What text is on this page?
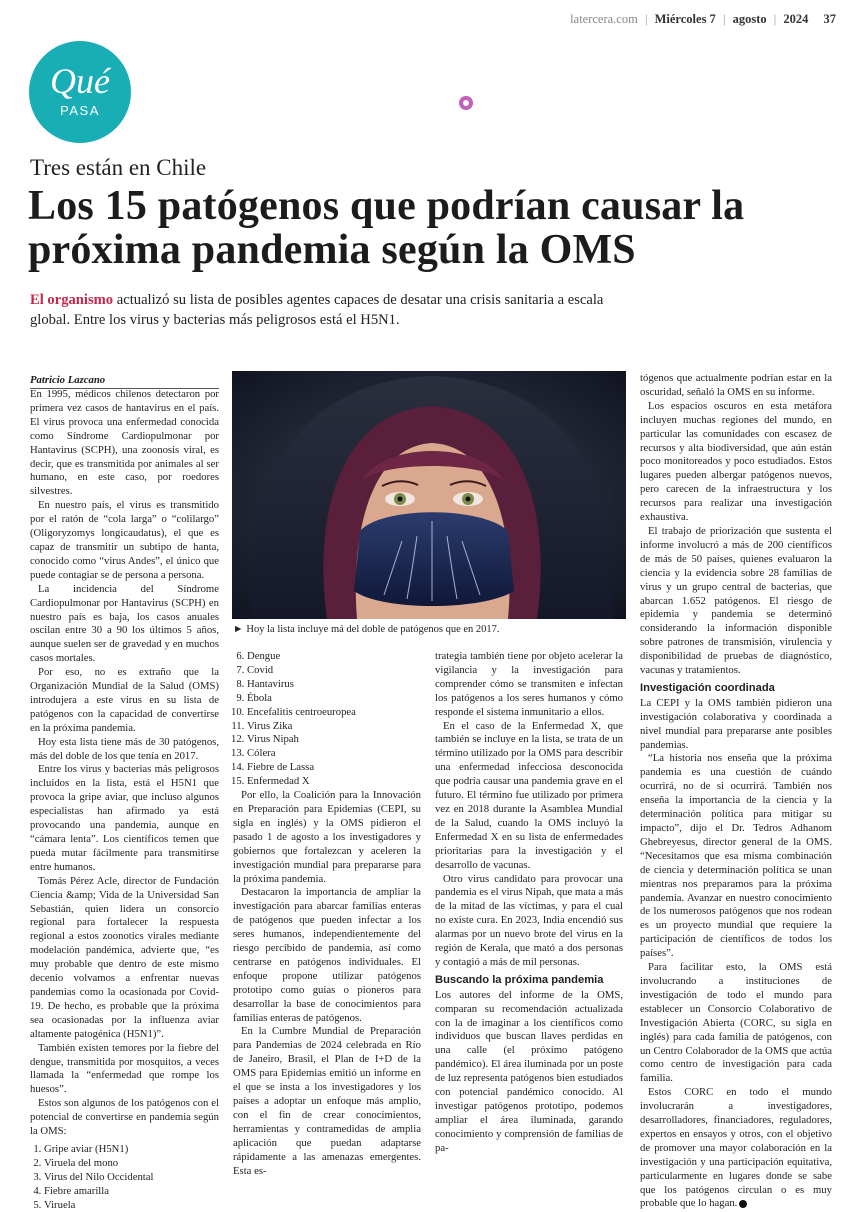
latercera.com | Miércoles 7 | agosto | 2024 37
Qué
PASA
Tres están en Chile
Los 15 patógenos que podrían causar la próxima pandemia según la OMS
El organismo actualizó su lista de posibles agentes capaces de desatar una crisis sanitaria a escala global. Entre los virus y bacterias más peligrosos está el H5N1.
Patricio Lazcano

En 1995, médicos chilenos detectaron por primera vez casos de hantavirus en el país. El virus provoca una enfermedad conocida como Síndrome Cardiopulmonar por Hantavirus (SCPH), una zoonosis viral, es decir, que es transmitida por animales al ser humano, en este caso, por roedores silvestres.

En nuestro país, el virus es transmitido por el ratón de “cola larga” o “colilargo” (Oligoryzomys longicaudatus), el que es capaz de transmitir un subtipo de hanta, conocido como “virus Andes”, el único que puede contagiar se de persona a persona.

La incidencia del Síndrome Cardiopulmonar por Hantavirus (SCPH) en nuestro país es baja, los casos anuales oscilan entre 30 a 90 los últimos 5 años, aunque suelen ser de gravedad y en muchos casos mortales.

Por eso, no es extraño que la Organización Mundial de la Salud (OMS) introdujera a este virus en su lista de patógenos con la capacidad de convertirse en la próxima pandemia.

Hoy esta lista tiene más de 30 patógenos, más del doble de los que tenía en 2017.

Entre los virus y bacterias más peligrosos incluidos en la lista, está el H5N1 que provoca la gripe aviar, que incluso algunos especialistas han afirmado ya está provocando una pandemia, aunque en “cámara lenta”. Los científicos temen que pueda mutar fácilmente para transmitirse entre humanos.

Tomás Pérez Acle, director de Fundación Ciencia &amp; Vida de la Universidad San Sebastián, quien lidera un consorcio regional para fortalecer la respuesta regional a estos zoonotics virales mediante modelación pandémica, advierte que, “es muy probable que dentro de este mismo decenio volvamos a enfrentar nuevas pandemias como la ocasionada por Covid-19. De hecho, es probable que la próxima sea ocasionadas por la influenza aviar altamente patogénica (H5N1)”.

También existen temores por la fiebre del dengue, transmitida por mosquitos, a veces llamada la “enfermedad que rompe los huesos”.

Estos son algunos de los patógenos con el potencial de convertirse en pandemia según la OMS:

1. Gripe aviar (H5N1)
2. Viruela del mono
3. Virus del Nilo Occidental
4. Fiebre amarilla
5. Viruela
► Hoy la lista incluye má del doble de patógenos que en 2017.
6. Dengue
7. Covid
8. Hantavirus
9. Ébola
10. Encefalitis centroeuropea
11. Virus Zika
12. Virus Nipah
13. Cólera
14. Fiebre de Lassa
15. Enfermedad X

Por ello, la Coalición para la Innovación en Preparación para Epidemias (CEPI, su sigla en inglés) y la OMS pidieron el pasado 1 de agosto a los investigadores y gobiernos que fortalezcan y aceleren la investigación mundial para prepararse para la próxima pandemia.

Destacaron la importancia de ampliar la investigación para abarcar familias enteras de patógenos que pueden infectar a los seres humanos, independientemente del riesgo percibido de pandemia, así como centrarse en patógenos individuales. El enfoque propone utilizar patógenos prototipo como guías o pioneros para desarrollar la base de conocimientos para familias enteras de patógenos.

En la Cumbre Mundial de Preparación para Pandemias de 2024 celebrada en Río de Janeiro, Brasil, el Plan de I+D de la OMS para Epidemias emitió un informe en el que se insta a los investigadores y los países a adoptar un enfoque más amplio, con el fin de crear conocimientos, herramientas y contramedidas de amplia aplicación que puedan adaptarse rápidamente a las amenazas emergentes. Esta es-

trategia también tiene por objeto acelerar la vigilancia y la investigación para comprender cómo se transmiten e infectan los patógenos a los seres humanos y cómo responde el sistema inmunitario a ellos.

En el caso de la Enfermedad X, que también se incluye en la lista, se trata de un término utilizado por la OMS para describir una enfermedad infecciosa desconocida que podría causar una pandemia grave en el futuro. El término fue utilizado por primera vez en 2018 durante la Asamblea Mundial de la Salud, cuando la OMS incluyó la Enfermedad X en su lista de enfermedades prioritarias para la investigación y el desarrollo de vacunas.

Otro virus candidato para provocar una pandemia es el virus Nipah, que mata a más de la mitad de las víctimas, y para el cual no existe cura. En 2023, India encendió sus alarmas por un nuevo brote del virus en la región de Kerala, que mató a dos personas y contagió a más de mil personas.

Buscando la próxima pandemia

Los autores del informe de la OMS, comparan su recomendación actualizada con la de imaginar a los científicos como individuos que buscan llaves perdidas en una calle (el próximo patógeno pandémico). El área iluminada por un poste de luz representa patógenos bien estudiados con potencial pandémico conocido. Al investigar patógenos prototipo, podemos ampliar el área iluminada, garando conocimiento y comprensión de familias de pa-

tógenos que actualmente podrían estar en la oscuridad, señaló la OMS en su informe.

Los espacios oscuros en esta metáfora incluyen muchas regiones del mundo, en particular las comunidades con escasez de recursos y alta biodiversidad, que aún están poco monitoreados y poco estudiados. Estos lugares pueden albergar patógenos nuevos, pero carecen de la infraestructura y los recursos para realizar una investigación exhaustiva.

El trabajo de priorización que sustenta el informe involucró a más de 200 científicos de más de 50 países, quienes evaluaron la ciencia y la evidencia sobre 28 familias de virus y un grupo central de bacterias, que abarcan 1.652 patógenos. El riesgo de epidemia y pandemia se determinó considerando la información disponible sobre patrones de transmisión, virulencia y disponibilidad de pruebas de diagnóstico, vacunas y tratamientos.

Investigación coordinada

La CEPI y la OMS también pidieron una investigación colaborativa y coordinada a nivel mundial para prepararse ante posibles pandemias.

“La historia nos enseña que la próxima pandemia es una cuestión de cuándo ocurrirá, no de si ocurrirá. También nos enseña la importancia de la ciencia y la determinación política para mitigar su impacto”, dijo el Dr. Tedros Adhanom Ghebreyesus, director general de la OMS. “Necesitamos que esa misma combinación de ciencia y determinación política se unan mientras nos preparamos para la próxima pandemia. Avanzar en nuestro conocimiento de los numerosos patógenos que nos rodean es un proyecto mundial que requiere la participación de científicos de todos los países”.

Para facilitar esto, la OMS está involucrando a instituciones de investigación de todo el mundo para establecer un Consorcio Colaborativo de Investigación Abierta (CORC, su sigla en inglés) para cada familia de patógenos, con un Centro Colaborador de la OMS que actúa como centro de investigación para cada familia.

Estos CORC en todo el mundo involucrarán a investigadores, desarrolladores, financiadores, reguladores, expertos en ensayos y otros, con el objetivo de promover una mayor colaboración en la investigación y una participación equitativa, particularmente en lugares donde se sabe que los patógenos circulan o es muy probable que lo hagan.
